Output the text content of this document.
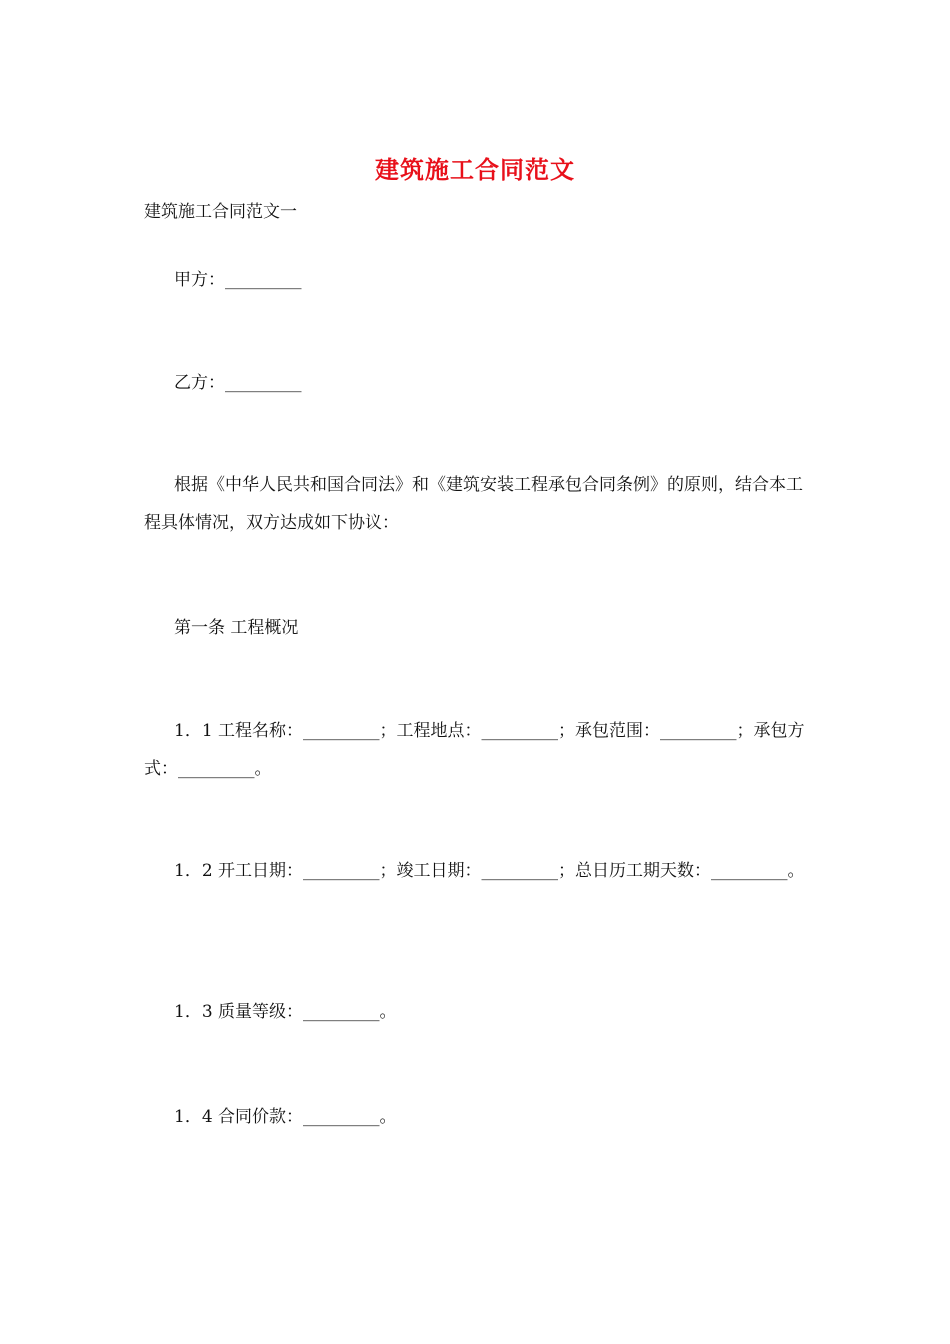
建筑施工合同范文
建筑施工合同范文一
甲方：_________
乙方：_________
根据《中华人民共和国合同法》和《建筑安装工程承包合同条例》的原则，结合本工程具体情况，双方达成如下协议：
第一条 工程概况
1．1 工程名称：_________；工程地点：_________；承包范围：_________；承包方式：_________。
1．2 开工日期：_________；竣工日期：_________；总日历工期天数：_________。
1．3 质量等级：_________。
1．4 合同价款：_________。
